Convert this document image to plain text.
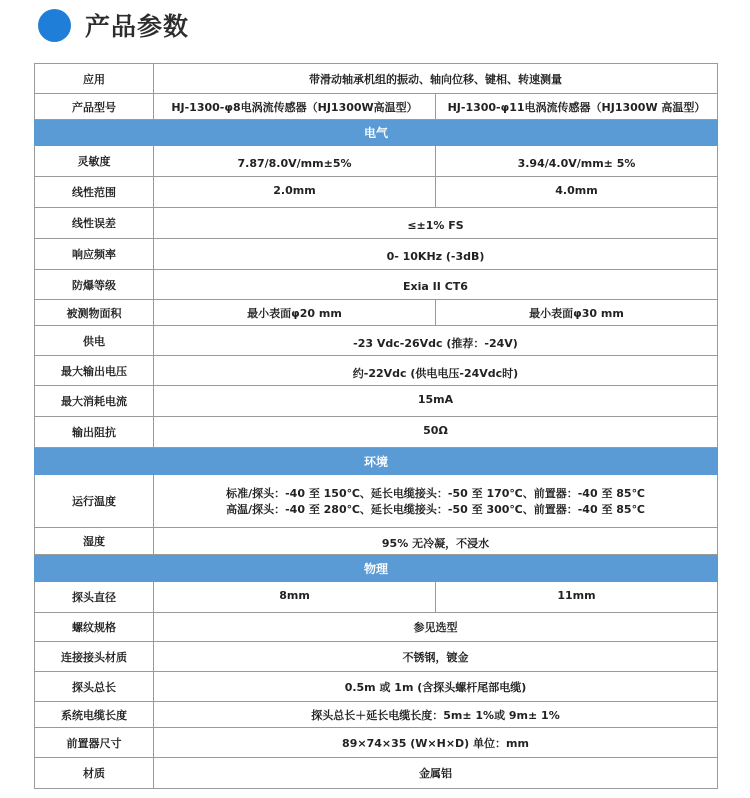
产品参数
应用	带滑动轴承机组的振动、轴向位移、键相、转速测量	
产品型号	HJ-1300-φ8电涡流传感器（HJ1300W高温型）	HJ-1300-φ11电涡流传感器（HJ1300W 高温型）
电气		
灵敏度	7.87/8.0V/mm±5%	3.94/4.0V/mm± 5%

线性范围	2.0mm	4.0mm

线性误差	≤±1% FS	

响应频率	0- 10KHz (-3dB)	

防爆等级	Exia II CT6	

被测物面积	最小表面φ20 mm	最小表面φ30 mm
供电	-23 Vdc-26Vdc (推荐：-24V)	

最大输出电压	约-22Vdc (供电电压-24Vdc时)	

最大消耗电流	15mA	

输出阻抗	50Ω	

环境		
运行温度	标准/探头：-40 至 150℃、延长电缆接头：-50 至 170℃、前置器：-40 至 85℃
高温/探头：-40 至 280℃、延长电缆接头：-50 至 300℃、前置器：-40 至 85℃	

湿度	95% 无冷凝，不浸水	

物理		
探头直径	8mm	11mm

螺纹规格	参见选型	
连接接头材质	不锈钢，镀金	
探头总长	0.5m 或 1m (含探头螺杆尾部电缆)	
系统电缆长度	探头总长＋延长电缆长度：5m± 1%或 9m± 1%	
前置器尺寸	89×74×35 (W×H×D) 单位：mm	
材质	金属铝	
